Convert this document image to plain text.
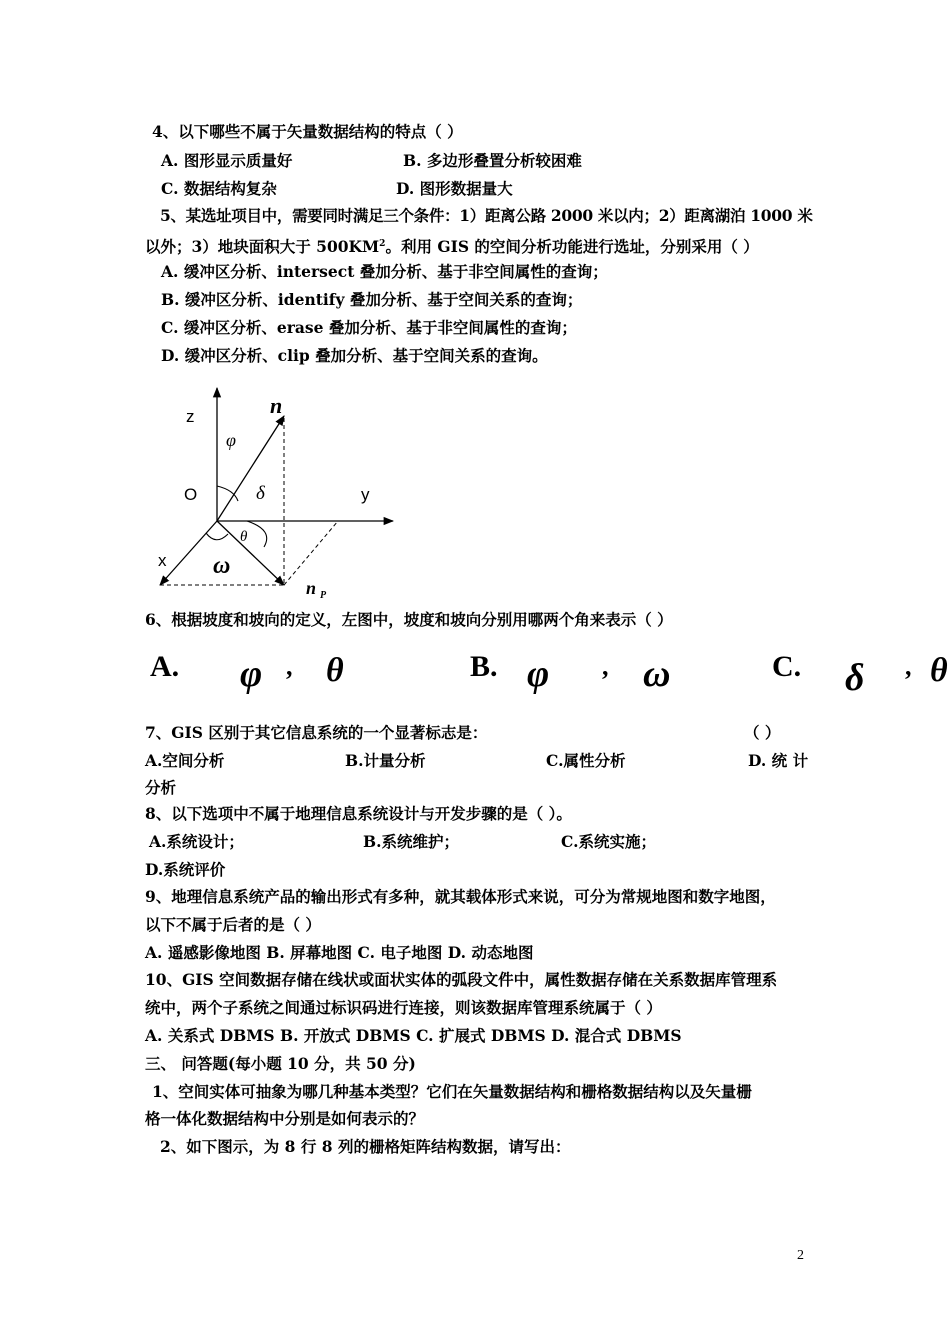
4、以下哪些不属于矢量数据结构的特点（ ）
A. 图形显示质量好	B. 多边形叠置分析较困难
C. 数据结构复杂	D. 图形数据量大
5、某选址项目中，需要同时满足三个条件：1）距离公路 2000 米以内；2）距离湖泊 1000 米
以外；3）地块面积大于 $500KM^2$。利用 GIS 的空间分析功能进行选址，分别采用（ ）
A. 缓冲区分析、intersect 叠加分析、基于非空间属性的查询；
B. 缓冲区分析、identify 叠加分析、基于空间关系的查询；
C. 缓冲区分析、erase 叠加分析、基于非空间属性的查询；
D. 缓冲区分析、clip 叠加分析、基于空间关系的查询。
z
O	y
x
n
n P
φ
δ
θ
ω
6、根据坡度和坡向的定义，左图中，坡度和坡向分别用哪两个角来表示（ ）
A. φ , θ	B. φ , ω	C. δ , θ
7、GIS 区别于其它信息系统的一个显著标志是：	（ ）
A.空间分析	B.计量分析	C.属性分析	D. 统 计
分析
8、以下选项中不属于地理信息系统设计与开发步骤的是（ ）。
A.系统设计；	B.系统维护；	C.系统实施；
D.系统评价
9、地理信息系统产品的输出形式有多种，就其载体形式来说，可分为常规地图和数字地图，
以下不属于后者的是（ ）
A. 遥感影像地图 B. 屏幕地图 C. 电子地图 D. 动态地图
10、GIS 空间数据存储在线状或面状实体的弧段文件中，属性数据存储在关系数据库管理系
统中，两个子系统之间通过标识码进行连接，则该数据库管理系统属于（ ）
A. 关系式 DBMS B. 开放式 DBMS C. 扩展式 DBMS D. 混合式 DBMS
三、 问答题(每小题 10 分，共 50 分)
1、空间实体可抽象为哪几种基本类型？它们在矢量数据结构和栅格数据结构以及矢量栅
格一体化数据结构中分别是如何表示的？
2、如下图示，为 8 行 8 列的栅格矩阵结构数据，请写出：
2
